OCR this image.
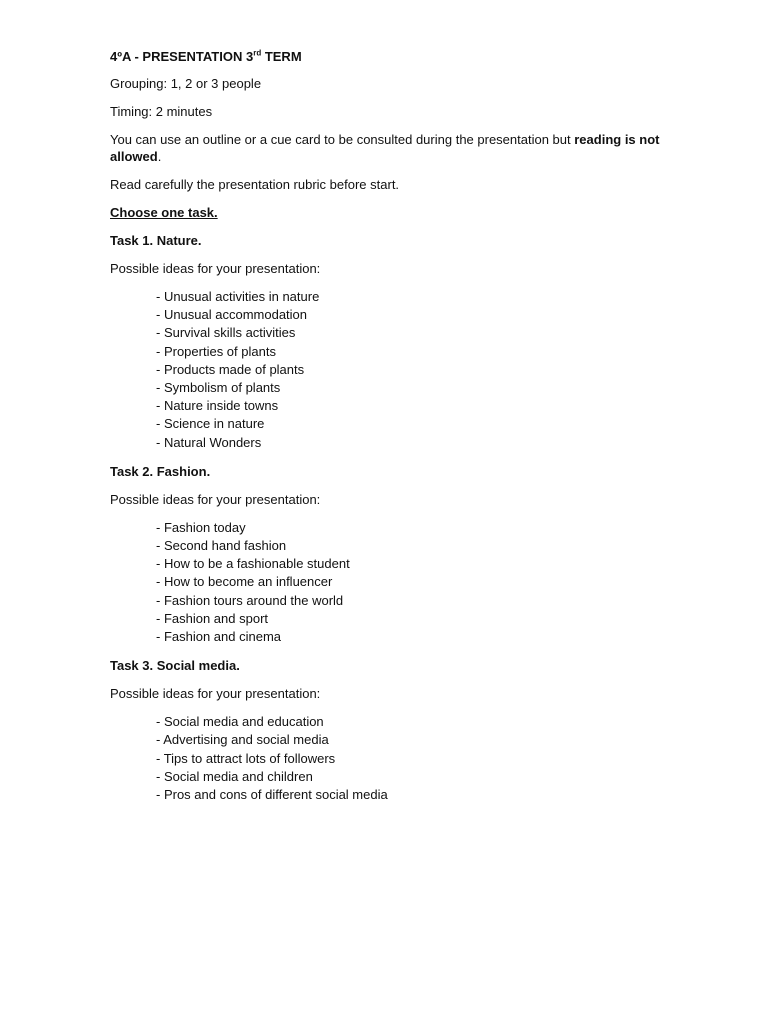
4ºA - PRESENTATION 3rd TERM
Grouping: 1, 2 or 3 people
Timing: 2 minutes
You can use an outline or a cue card to be consulted during the presentation but reading is not allowed.
Read carefully the presentation rubric before start.
Choose one task.
Task 1. Nature.
Possible ideas for your presentation:
- Unusual activities in nature
- Unusual accommodation
- Survival skills activities
- Properties of plants
- Products made of plants
- Symbolism of plants
- Nature inside towns
- Science in nature
- Natural Wonders
Task 2. Fashion.
Possible ideas for your presentation:
- Fashion today
- Second hand fashion
- How to be a fashionable student
- How to become an influencer
- Fashion tours around the world
- Fashion and sport
- Fashion and cinema
Task 3. Social media.
Possible ideas for your presentation:
- Social media and education
- Advertising and social media
- Tips to attract lots of followers
- Social media and children
- Pros and cons of different social media
